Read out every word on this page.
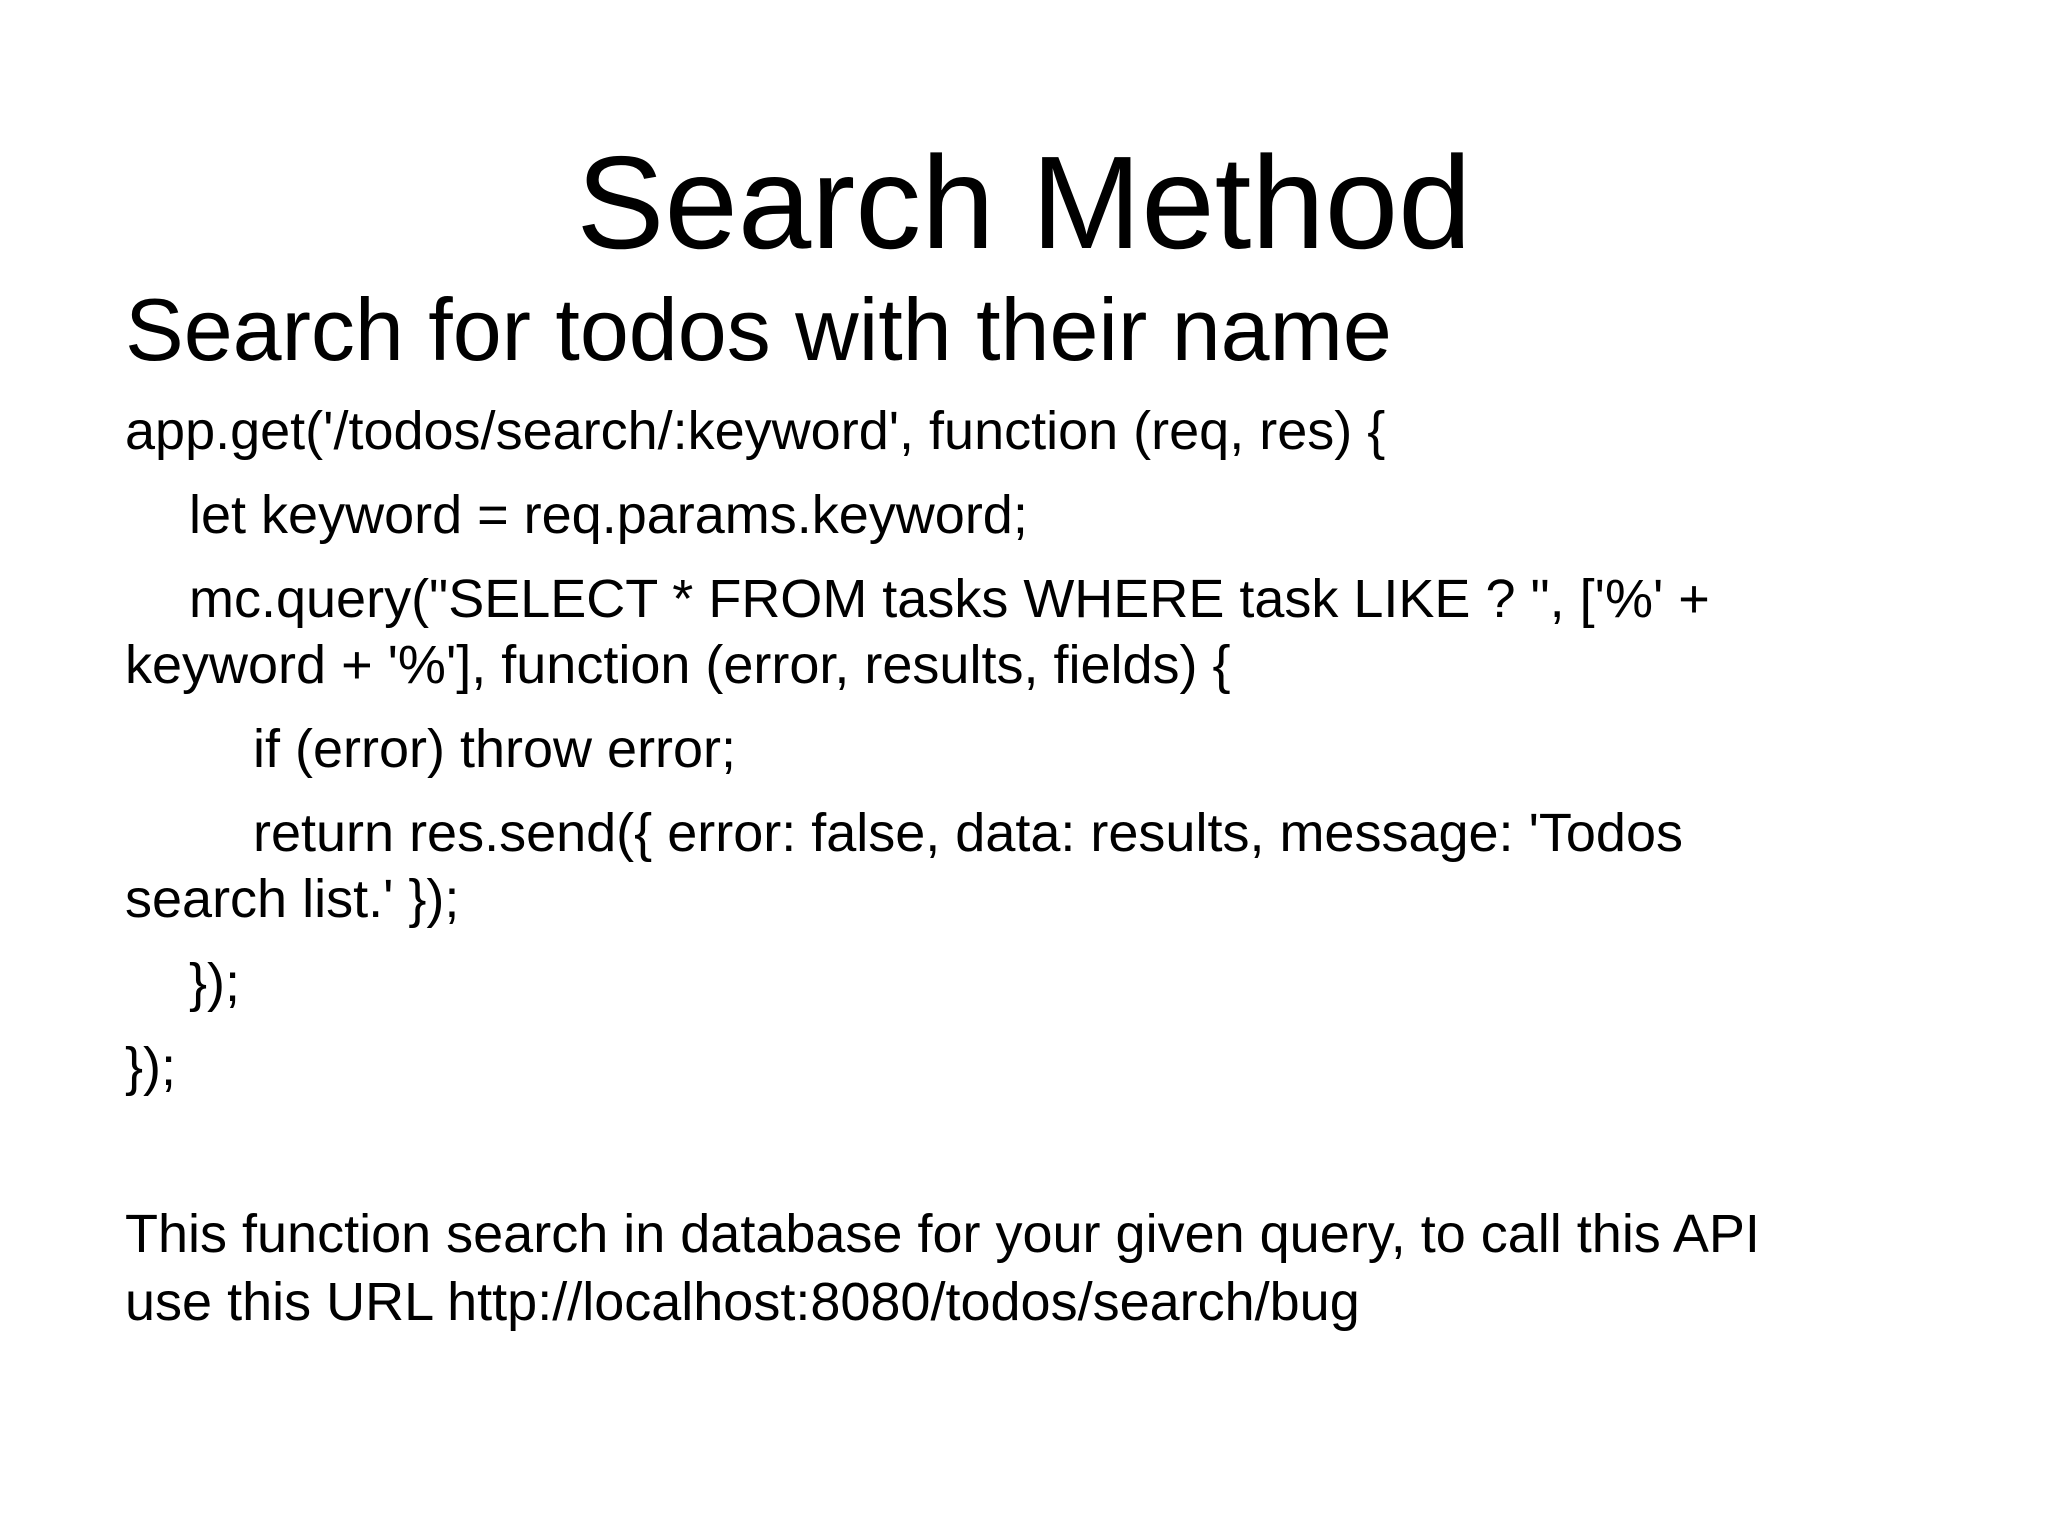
Search Method
Search for todos with their name
app.get('/todos/search/:keyword', function (req, res) {
let keyword = req.params.keyword;
mc.query("SELECT * FROM tasks WHERE task LIKE ? ", ['%' +
keyword + '%'], function (error, results, fields) {
if (error) throw error;
return res.send({ error: false, data: results, message: 'Todos
search list.' });
});
});
This function search in database for your given query, to call this API
use this URL http://localhost:8080/todos/search/bug
